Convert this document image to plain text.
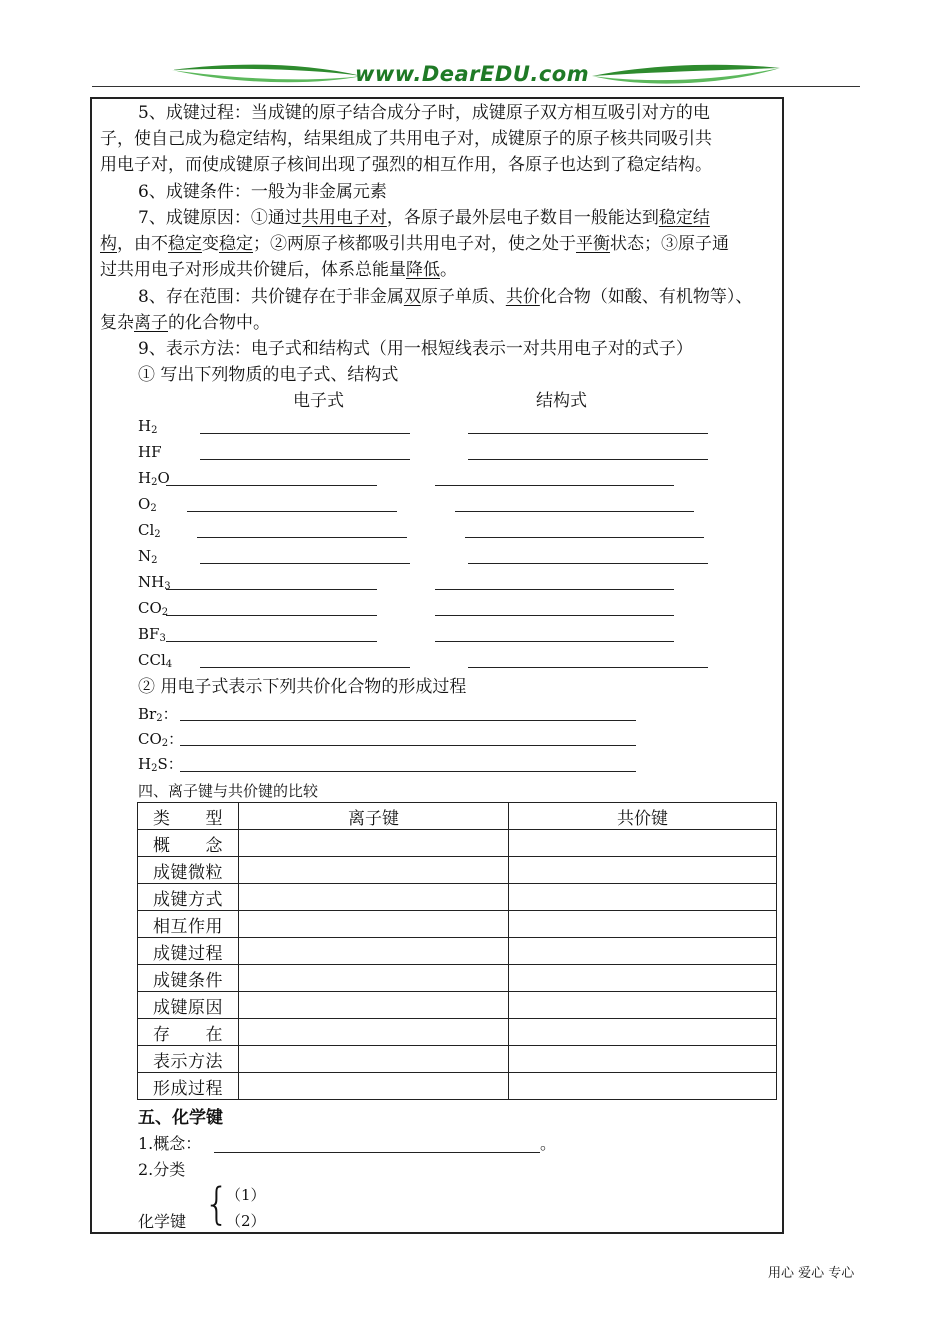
www.DearEDU.com
5、成键过程：当成键的原子结合成分子时，成键原子双方相互吸引对方的电
子，使自己成为稳定结构，结果组成了共用电子对，成键原子的原子核共同吸引共
用电子对，而使成键原子核间出现了强烈的相互作用，各原子也达到了稳定结构。
6、成键条件：一般为非金属元素
7、成键原因：①通过共用电子对，各原子最外层电子数目一般能达到稳定结
构，由不稳定变稳定；②两原子核都吸引共用电子对，使之处于平衡状态；③原子通
过共用电子对形成共价键后，体系总能量降低。
8、存在范围：共价键存在于非金属双原子单质、共价化合物（如酸、有机物等）、
复杂离子的化合物中。
9、表示方法：电子式和结构式（用一根短线表示一对共用电子对的式子）
① 写出下列物质的电子式、结构式
电子式	结构式
$H_2$
HF
$H_2O$
$O_2$
$Cl_2$
$N_2$
$NH_3$
$CO_2$
$BF_3$
CCl$_4$
② 用电子式表示下列共价化合物的形成过程
$Br_2$：
$CO_2$：
$H_2S$：
四、离子键与共价键的比较
类　　型	离子键	共价键
概　　念		
成键微粒		
成键方式		
相互作用		
成键过程		
成键条件		
成键原因		
存　　在		
表示方法		
形成过程		
五、化学键
1.概念：	。
2.分类
{
（1）
化学键	（2）
用心 爱心 专心
